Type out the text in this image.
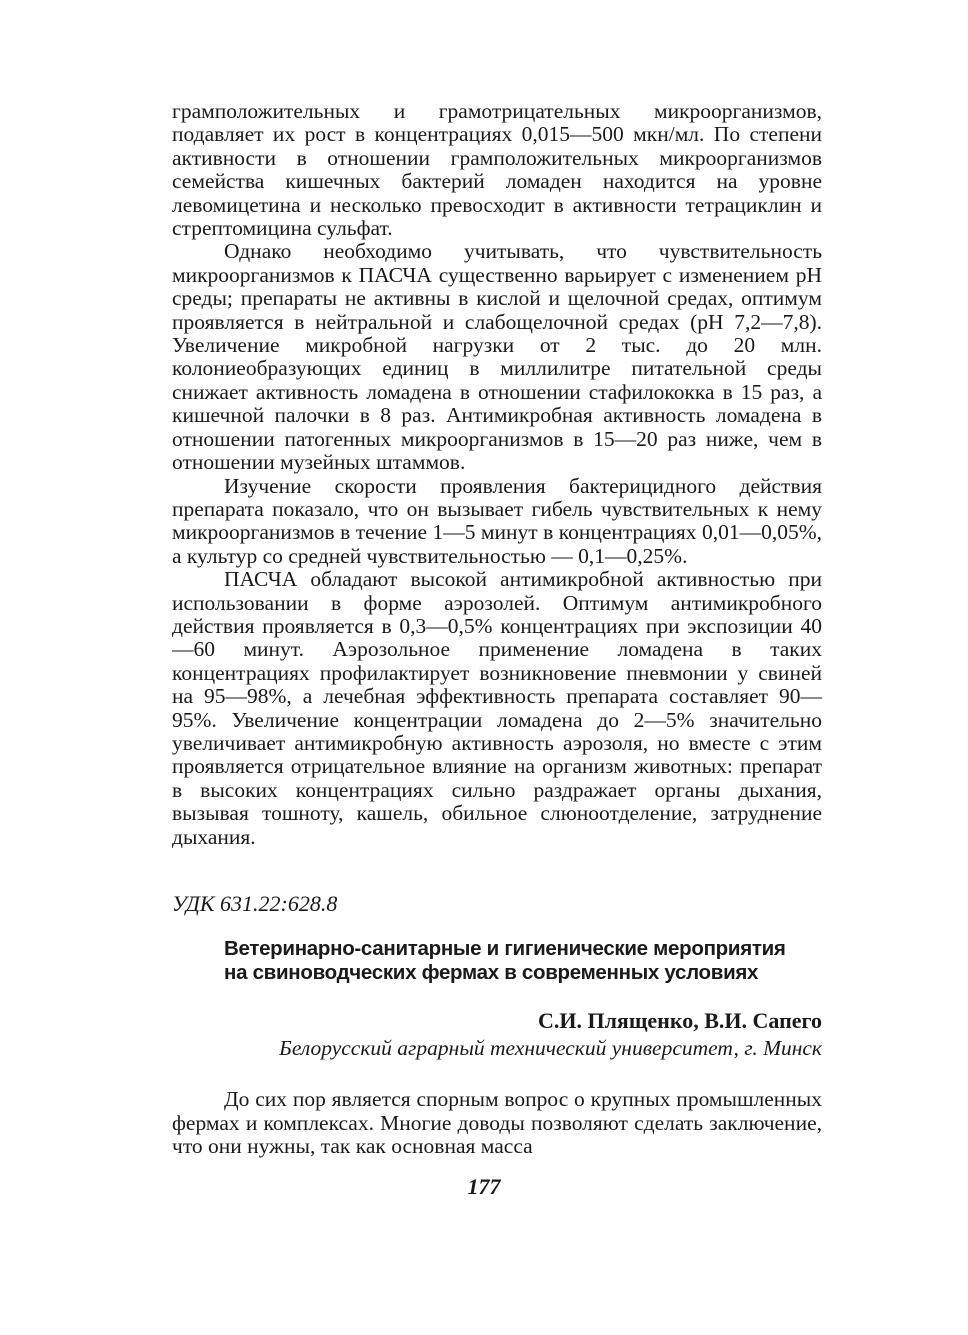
грамположительных и грамотрицательных микроорганизмов, подавляет их рост в концентрациях 0,015—500 мкн/мл. По степени активности в отношении грамположительных микроорганизмов семейства кишечных бактерий ломаден находится на уровне левомицетина и несколько превосходит в активности тетрациклин и стрептомицина сульфат.

Однако необходимо учитывать, что чувствительность микроорганизмов к ПАСЧА существенно варьирует с изменением pH среды; препараты не активны в кислой и щелочной средах, оптимум проявляется в нейтральной и слабощелочной средах (pH 7,2—7,8). Увеличение микробной нагрузки от 2 тыс. до 20 млн. колониеобразующих единиц в миллилитре питательной среды снижает активность ломадена в отношении стафилококка в 15 раз, а кишечной палочки в 8 раз. Антимикробная активность ломадена в отношении патогенных микроорганизмов в 15—20 раз ниже, чем в отношении музейных штаммов.

Изучение скорости проявления бактерицидного действия препарата показало, что он вызывает гибель чувствительных к нему микроорганизмов в течение 1—5 минут в концентрациях 0,01—0,05%, а культур со средней чувствительностью — 0,1—0,25%.

ПАСЧА обладают высокой антимикробной активностью при использовании в форме аэрозолей. Оптимум антимикробного действия проявляется в 0,3—0,5% концентрациях при экспозиции 40—60 минут. Аэрозольное применение ломадена в таких концентрациях профилактирует возникновение пневмонии у свиней на 95—98%, а лечебная эффективность препарата составляет 90—95%. Увеличение концентрации ломадена до 2—5% значительно увеличивает антимикробную активность аэрозоля, но вместе с этим проявляется отрицательное влияние на организм животных: препарат в высоких концентрациях сильно раздражает органы дыхания, вызывая тошноту, кашель, обильное слюноотделение, затруднение дыхания.

УДК 631.22:628.8

Ветеринарно-санитарные и гигиенические мероприятия
на свиноводческих фермах в современных условиях
С.И. Плященко, В.И. Сапего
Белорусский аграрный технический университет, г. Минск

До сих пор является спорным вопрос о крупных промышленных фермах и комплексах. Многие доводы позволяют сделать заключение, что они нужны, так как основная масса

177
